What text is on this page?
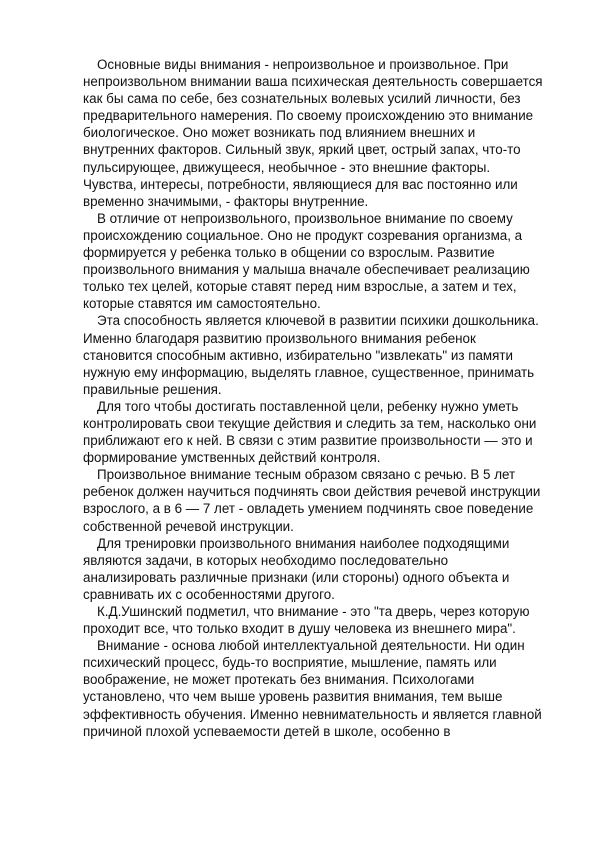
Основные виды внимания - непроизвольное и произвольное. При непроизвольном внимании ваша психическая деятельность совершается как бы сама по себе, без сознательных волевых усилий личности, без предварительного намерения. По своему происхождению это внимание биологическое. Оно может возникать под влиянием внешних и внутренних факторов. Сильный звук, яркий цвет, острый запах, что-то пульсирующее, движущееся, необычное - это внешние факторы. Чувства, интересы, потребности, являющиеся для вас постоянно или временно значимыми, - факторы внутренние.

В отличие от непроизвольного, произвольное внимание по своему происхождению социальное. Оно не продукт созревания организма, а формируется у ребенка только в общении со взрослым. Развитие произвольного внимания у малыша вначале обеспечивает реализацию только тех целей, которые ставят перед ним взрослые, а затем и тех, которые ставятся им самостоятельно.

Эта способность является ключевой в развитии психики дошкольника. Именно благодаря развитию произвольного внимания ребенок становится способным активно, избирательно "извлекать" из памяти нужную ему информацию, выделять главное, существенное, принимать правильные решения.

Для того чтобы достигать поставленной цели, ребенку нужно уметь контролировать свои текущие действия и следить за тем, насколько они приближают его к ней. В связи с этим развитие произвольности — это и формирование умственных действий контроля.

Произвольное внимание тесным образом связано с речью. В 5 лет ребенок должен научиться подчинять свои действия речевой инструкции взрослого, а в 6 — 7 лет - овладеть умением подчинять свое поведение собственной речевой инструкции.

Для тренировки произвольного внимания наиболее подходящими являются задачи, в которых необходимо последовательно анализировать различные признаки (или стороны) одного объекта и сравнивать их с особенностями другого.

К.Д.Ушинский подметил, что внимание - это "та дверь, через которую проходит все, что только входит в душу человека из внешнего мира".

Внимание - основа любой интеллектуальной деятельности. Ни один психический процесс, будь-то восприятие, мышление, память или воображение, не может протекать без внимания. Психологами установлено, что чем выше уровень развития внимания, тем выше эффективность обучения. Именно невнимательность и является главной причиной плохой успеваемости детей в школе, особенно в
